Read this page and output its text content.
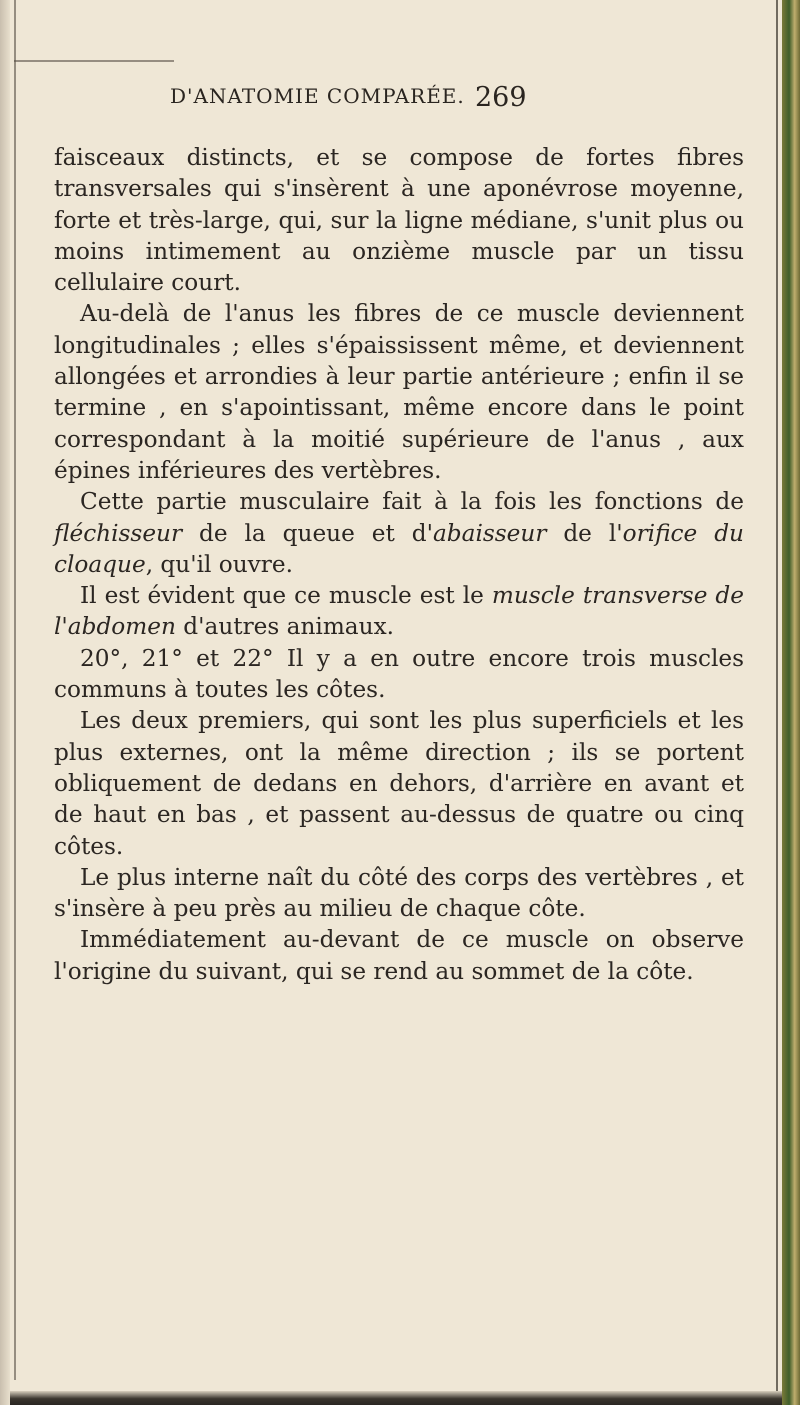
D'ANATOMIE COMPARÉE. 269

faisceaux distincts, et se compose de fortes fibres transversales qui s'insèrent à une aponévrose moyenne, forte et très-large, qui, sur la ligne médiane, s'unit plus ou moins intimement au onzième muscle par un tissu cellulaire court.

Au-delà de l'anus les fibres de ce muscle deviennent longitudinales ; elles s'épaississent même, et deviennent allongées et arrondies à leur partie antérieure ; enfin il se termine , en s'apointissant, même encore dans le point correspondant à la moitié supérieure de l'anus , aux épines inférieures des vertèbres.

Cette partie musculaire fait à la fois les fonctions de fléchisseur de la queue et d'abaisseur de l'orifice du cloaque, qu'il ouvre.

Il est évident que ce muscle est le muscle transverse de l'abdomen d'autres animaux.

20°, 21° et 22° Il y a en outre encore trois muscles communs à toutes les côtes.

Les deux premiers, qui sont les plus superficiels et les plus externes, ont la même direction ; ils se portent obliquement de dedans en dehors, d'arrière en avant et de haut en bas , et passent au-dessus de quatre ou cinq côtes.

Le plus interne naît du côté des corps des vertèbres , et s'insère à peu près au milieu de chaque côte.

Immédiatement au-devant de ce muscle on observe l'origine du suivant, qui se rend au sommet de la côte.
